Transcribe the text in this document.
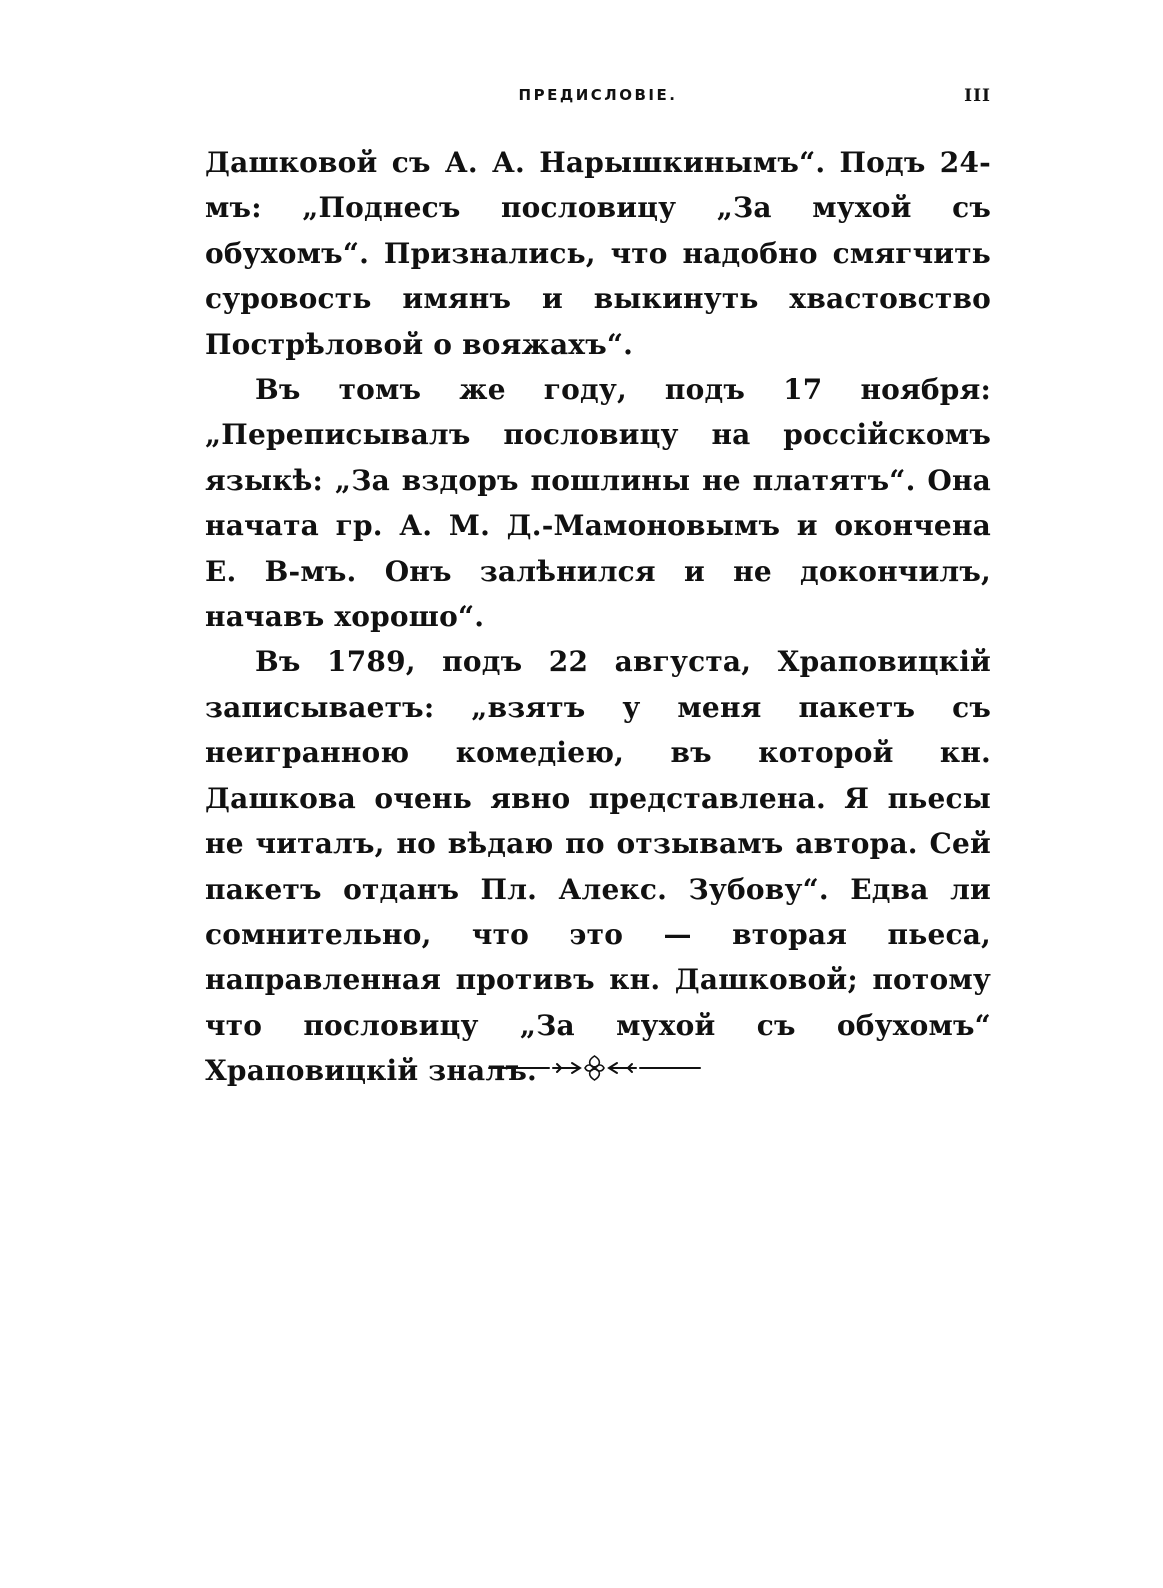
ПРЕДИСЛОВІЕ.	III

Дашковой съ А. А. Нарышкинымъ“. Подъ 24-мъ: „Поднесъ пословицу „За мухой съ обухомъ“. Признались, что надобно смягчить суровость имянъ и выкинуть хвастовство Пострѣловой о вояжахъ“.

Въ томъ же году, подъ 17 ноября: „Переписывалъ пословицу на россійскомъ языкѣ: „За вздоръ пошлины не платятъ“. Она начата гр. А. М. Д.-Мамоновымъ и окончена Е. В-мъ. Онъ залѣнился и не докончилъ, начавъ хорошо“.

Въ 1789, подъ 22 августа, Храповицкій записываетъ: „взятъ у меня пакетъ съ неигранною комедіею, въ которой кн. Дашкова очень явно представлена. Я пьесы не читалъ, но вѣдаю по отзывамъ автора. Сей пакетъ отданъ Пл. Алекс. Зубову“. Едва ли сомнительно, что это — вторая пьеса, направленная противъ кн. Дашковой; потому что пословицу „За мухой съ обухомъ“ Храповицкій зналъ.
